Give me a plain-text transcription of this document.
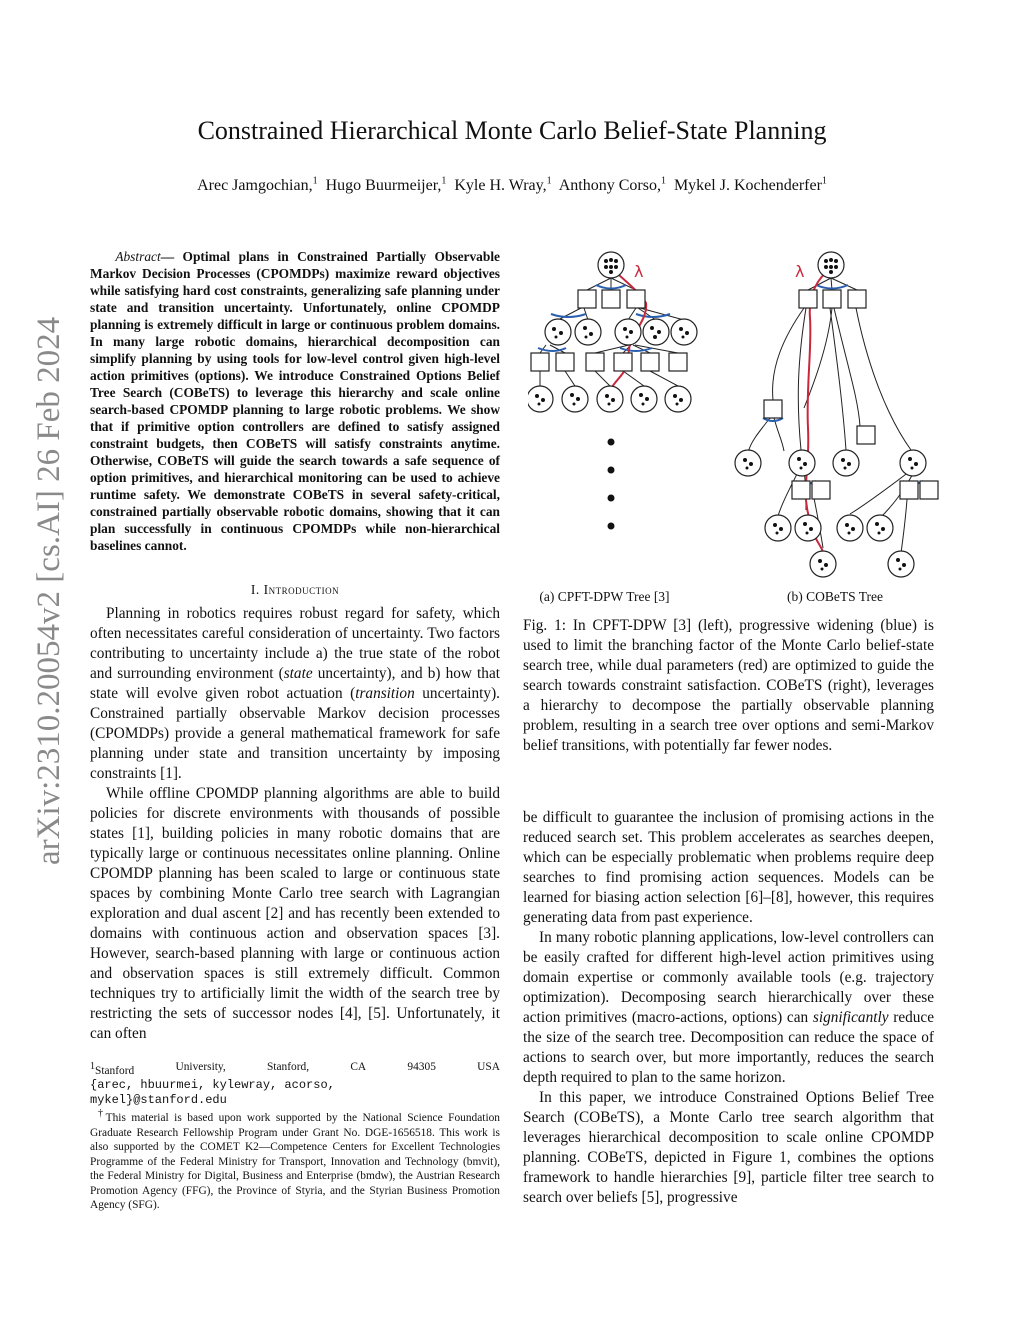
arXiv:2310.20054v2 [cs.AI] 26 Feb 2024
Constrained Hierarchical Monte Carlo Belief-State Planning
Arec Jamgochian,$^1$ Hugo Buurmeijer,$^1$ Kyle H. Wray,$^1$ Anthony Corso,$^1$ Mykel J. Kochenderfer$^1$
Abstract— Optimal plans in Constrained Partially Observable Markov Decision Processes (CPOMDPs) maximize reward objectives while satisfying hard cost constraints, generalizing safe planning under state and transition uncertainty. Unfortunately, online CPOMDP planning is extremely difficult in large or continuous problem domains. In many large robotic domains, hierarchical decomposition can simplify planning by using tools for low-level control given high-level action primitives (options). We introduce Constrained Options Belief Tree Search (COBeTS) to leverage this hierarchy and scale online search-based CPOMDP planning to large robotic problems. We show that if primitive option controllers are defined to satisfy assigned constraint budgets, then COBeTS will satisfy constraints anytime. Otherwise, COBeTS will guide the search towards a safe sequence of option primitives, and hierarchical monitoring can be used to achieve runtime safety. We demonstrate COBeTS in several safety-critical, constrained partially observable robotic domains, showing that it can plan successfully in continuous CPOMDPs while non-hierarchical baselines cannot.
I. Introduction

Planning in robotics requires robust regard for safety, which often necessitates careful consideration of uncertainty. Two factors contributing to uncertainty include a) the true state of the robot and surrounding environment (state uncertainty), and b) how that state will evolve given robot actuation (transition uncertainty). Constrained partially observable Markov decision processes (CPOMDPs) provide a general mathematical framework for safe planning under state and transition uncertainty by imposing constraints [1].

While offline CPOMDP planning algorithms are able to build policies for discrete environments with thousands of possible states [1], building policies in many robotic domains that are typically large or continuous necessitates online planning. Online CPOMDP planning has been scaled to large or continuous state spaces by combining Monte Carlo tree search with Lagrangian exploration and dual ascent [2] and has recently been extended to domains with continuous action and observation spaces [3]. However, search-based planning with large or continuous action and observation spaces is still extremely difficult. Common techniques try to artificially limit the width of the search tree by restricting the sets of successor nodes [4], [5]. Unfortunately, it can often

$^1$Stanford	University,	Stanford,	CA	94305	USA
{arec, hbuurmei, kylewray, acorso,
mykel}@stanford.edu
†This material is based upon work supported by the National Science Foundation Graduate Research Fellowship Program under Grant No. DGE-1656518. This work is also supported by the COMET K2—Competence Centers for Excellent Technologies Programme of the Federal Ministry for Transport, Innovation and Technology (bmvit), the Federal Ministry for Digital, Business and Enterprise (bmdw), the Austrian Research Promotion Agency (FFG), the Province of Styria, and the Styrian Business Promotion Agency (SFG).
λ	λ
(a) CPFT-DPW Tree [3]	(b) COBeTS Tree
Fig. 1: In CPFT-DPW [3] (left), progressive widening (blue) is used to limit the branching factor of the Monte Carlo belief-state search tree, while dual parameters (red) are optimized to guide the search towards constraint satisfaction. COBeTS (right), leverages a hierarchy to decompose the partially observable planning problem, resulting in a search tree over options and semi-Markov belief transitions, with potentially far fewer nodes.

be difficult to guarantee the inclusion of promising actions in the reduced search set. This problem accelerates as searches deepen, which can be especially problematic when problems require deep searches to find promising action sequences. Models can be learned for biasing action selection [6]–[8], however, this requires generating data from past experience.

In many robotic planning applications, low-level controllers can be easily crafted for different high-level action primitives using domain expertise or commonly available tools (e.g. trajectory optimization). Decomposing search hierarchically over these action primitives (macro-actions, options) can significantly reduce the size of the search tree. Decomposition can reduce the space of actions to search over, but more importantly, reduces the search depth required to plan to the same horizon.

In this paper, we introduce Constrained Options Belief Tree Search (COBeTS), a Monte Carlo tree search algorithm that leverages hierarchical decomposition to scale online CPOMDP planning. COBeTS, depicted in Figure 1, combines the options framework to handle hierarchies [9], particle filter tree search to search over beliefs [5], progressive
